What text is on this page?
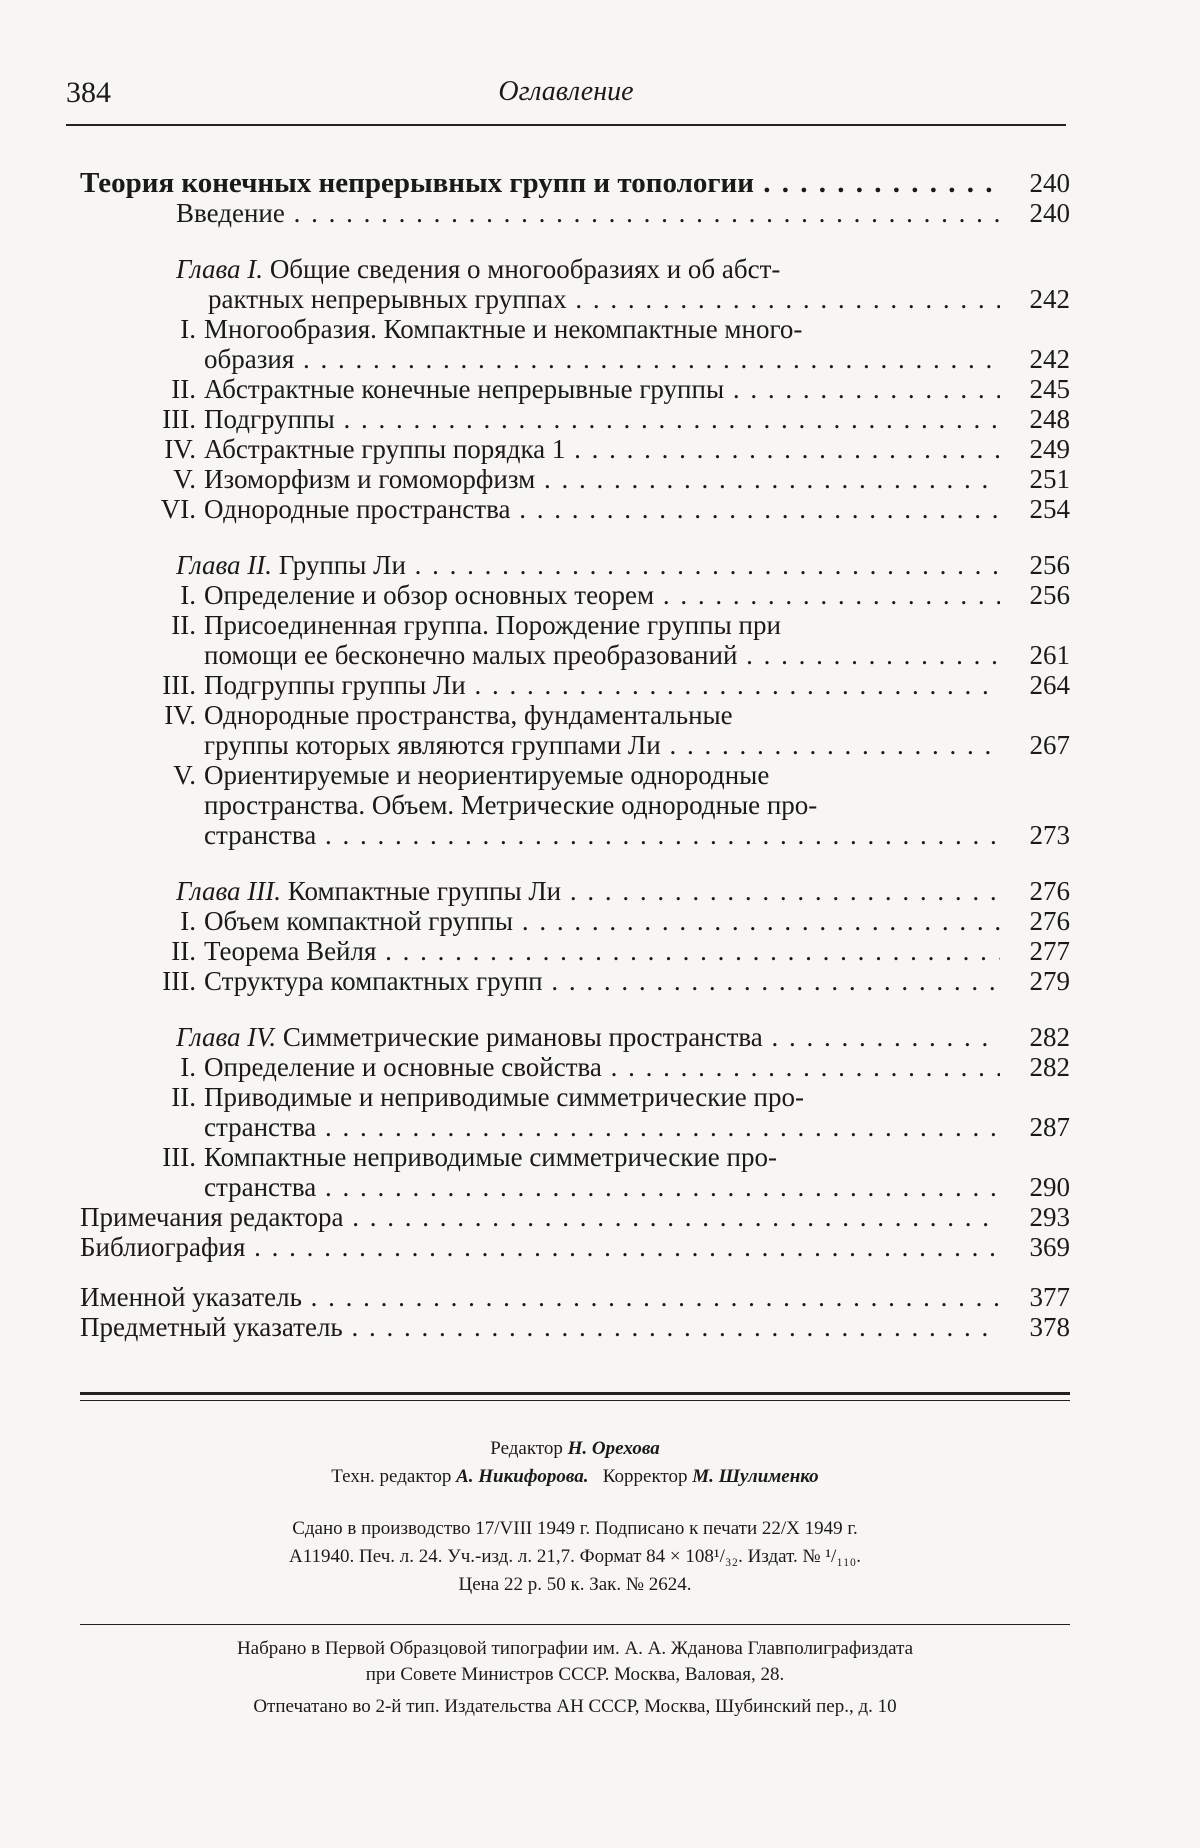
384	Оглавление
Теория конечных непрерывных групп и топологии . . .	240
Введение . . .	240
Глава I. Общие сведения о многообразиях и об абст-
рактных непрерывных группах . . .	242
I. Многообразия. Компактные и некомпактные много-
образия . . .	242
II. Абстрактные конечные непрерывные группы . . .	245
III. Подгруппы . . .	248
IV. Абстрактные группы порядка 1 . . .	249
V. Изоморфизм и гомоморфизм . . .	251
VI. Однородные пространства . . .	254
Глава II. Группы Ли . . .	256
I. Определение и обзор основных теорем . . .	256
II. Присоединенная группа. Порождение группы при
помощи ее бесконечно малых преобразований . . .	261
III. Подгруппы группы Ли . . .	264
IV. Однородные пространства, фундаментальные
группы которых являются группами Ли . . .	267
V. Ориентируемые и неориентируемые однородные
пространства. Объем. Метрические однородные про-
странства . . .	273
Глава III. Компактные группы Ли . . .	276
I. Объем компактной группы . . .	276
II. Теорема Вейля . . .	277
III. Структура компактных групп . . .	279
Глава IV. Симметрические римановы пространства . . .	282
I. Определение и основные свойства . . .	282
II. Приводимые и неприводимые симметрические про-
странства . . .	287
III. Компактные неприводимые симметрические про-
странства . . .	290
Примечания редактора . . .	293
Библиография . . .	369
Именной указатель . . .	377
Предметный указатель . . .	378
Редактор Н. Орехова
Техн. редактор А. Никифорова. Корректор М. Шулименко
Сдано в производство 17/VIII 1949 г. Подписано к печати 22/X 1949 г.
А11940. Печ. л. 24. Уч.-изд. л. 21,7. Формат 84 × 108¹/₃₂. Издат. № ¹/₁₁₀.
Цена 22 р. 50 к. Зак. № 2624.
Набрано в Первой Образцовой типографии им. А. А. Жданова Главполиграфиздата
при Совете Министров СССР. Москва, Валовая, 28.
Отпечатано во 2-й тип. Издательства АН СССР, Москва, Шубинский пер., д. 10
